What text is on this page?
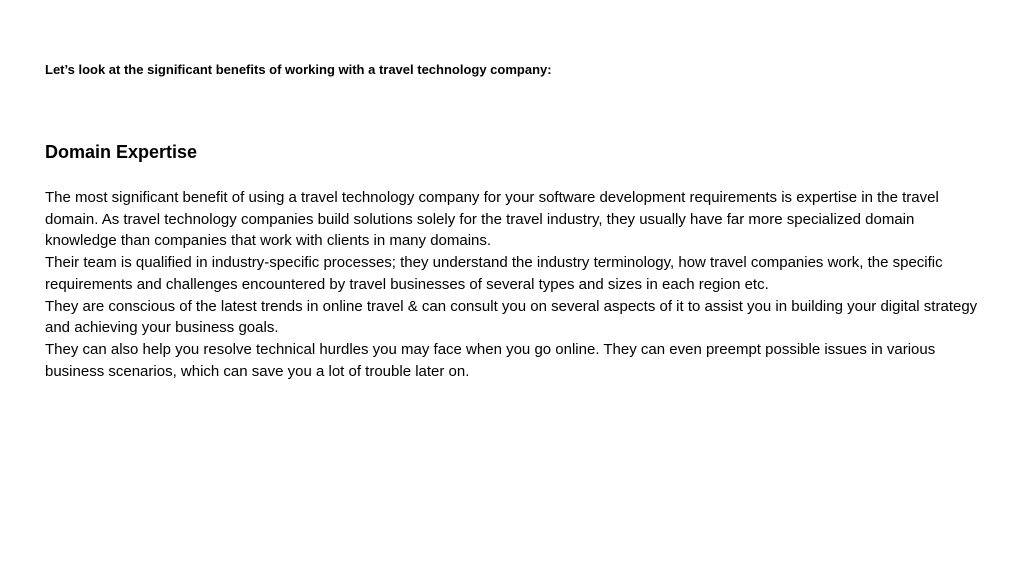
Let’s look at the significant benefits of working with a travel technology company:

Domain Expertise

The most significant benefit of using a travel technology company for your software development requirements is expertise in the travel domain. As travel technology companies build solutions solely for the travel industry, they usually have far more specialized domain knowledge than companies that work with clients in many domains.

Their team is qualified in industry-specific processes; they understand the industry terminology, how travel companies work, the specific requirements and challenges encountered by travel businesses of several types and sizes in each region etc.

They are conscious of the latest trends in online travel & can consult you on several aspects of it to assist you in building your digital strategy and achieving your business goals.

They can also help you resolve technical hurdles you may face when you go online. They can even preempt possible issues in various business scenarios, which can save you a lot of trouble later on.
